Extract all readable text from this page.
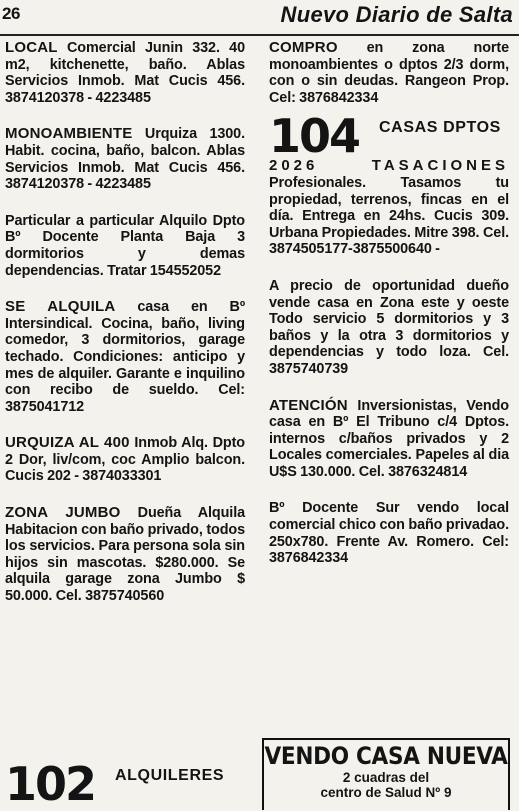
26	Nuevo Diario de Salta

LOCAL Comercial Junin 332. 40 m2, kitchenette, baño. Ablas Servicios Inmob. Mat Cucis 456. 3874120378 - 4223485

MONOAMBIENTE Urquiza 1300. Habit. cocina, baño, balcon. Ablas Servicios Inmob. Mat Cucis 456. 3874120378 - 4223485

Particular a particular Alquilo Dpto Bº Docente Planta Baja 3 dormitorios y demas dependencias. Tratar 154552052

SE ALQUILA casa en Bº Intersindical. Cocina, baño, living comedor, 3 dormitorios, garage techado. Condiciones: anticipo y mes de alquiler. Garante e inquilino con recibo de sueldo. Cel: 3875041712

URQUIZA AL 400 Inmob Alq. Dpto 2 Dor, liv/com, coc Amplio balcon. Cucis 202 - 3874033301

ZONA JUMBO Dueña Alquila Habitacion con baño privado, todos los servicios. Para persona sola sin hijos sin mascotas. $280.000. Se alquila garage zona Jumbo $ 50.000. Cel. 3875740560

102 ALQUILERES

COMPRO en zona norte monoambientes o dptos 2/3 dorm, con o sin deudas. Rangeon Prop. Cel: 3876842334

104 CASAS DPTOS

2026 TASACIONES Profesionales. Tasamos tu propiedad, terrenos, fincas en el día. Entrega en 24hs. Cucis 309. Urbana Propiedades. Mitre 398. Cel. 3874505177-3875500640 -

A precio de oportunidad dueño vende casa en Zona este y oeste Todo servicio 5 dormitorios y 3 baños y la otra 3 dormitorios y dependencias y todo loza. Cel. 3875740739

ATENCIÓN Inversionistas, Vendo casa en Bº El Tribuno c/4 Dptos. internos c/baños privados y 2 Locales comerciales. Papeles al dia U$S 130.000. Cel. 3876324814

Bº Docente Sur vendo local comercial chico con baño privadao. 250x780. Frente Av. Romero. Cel: 3876842334

VENDO CASA NUEVA
2 cuadras del
centro de Salud Nº 9
